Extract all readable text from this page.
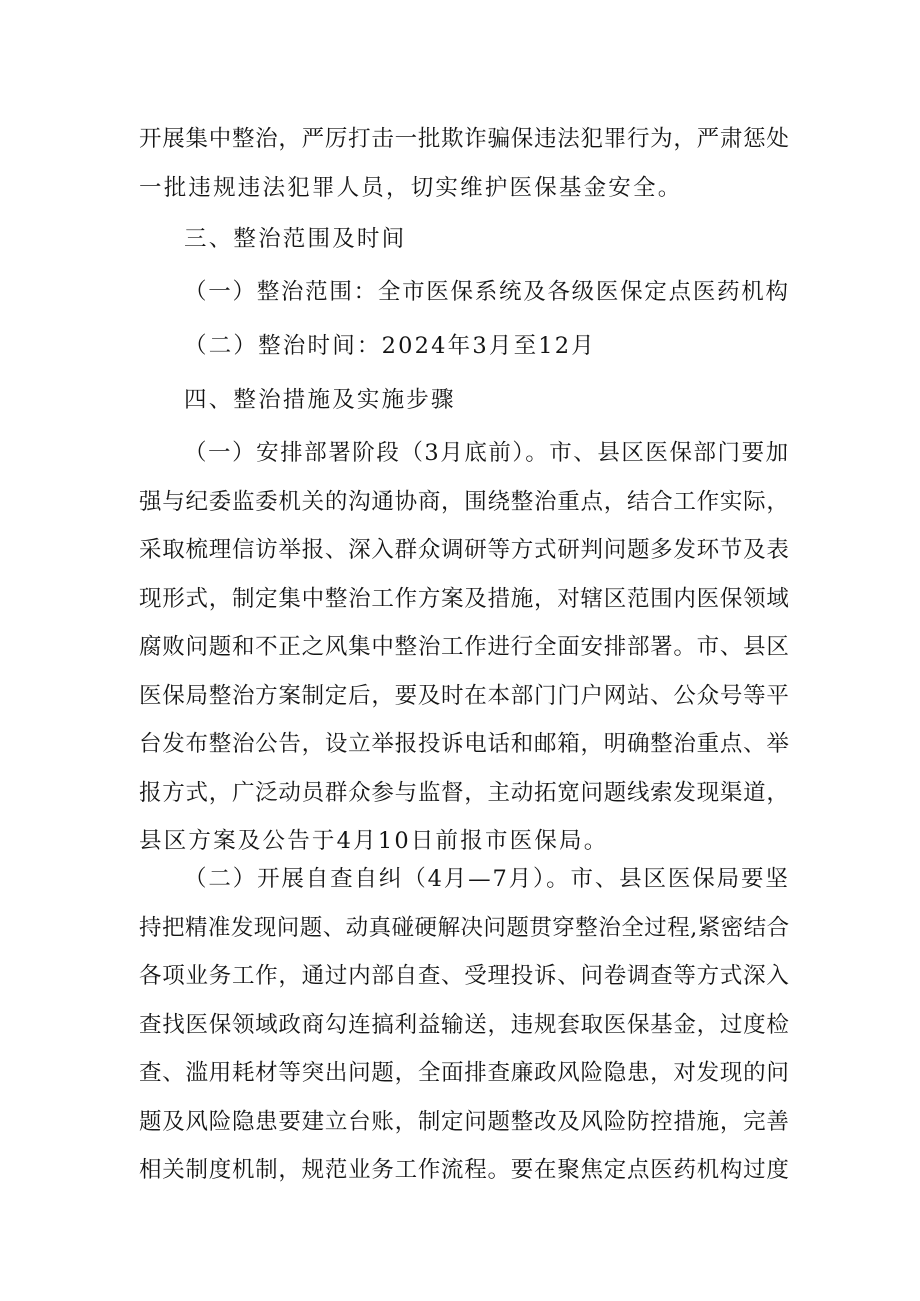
开展集中整治，严厉打击一批欺诈骗保违法犯罪行为，严肃惩处
一批违规违法犯罪人员，切实维护医保基金安全。
三、整治范围及时间
（一）整治范围：全市医保系统及各级医保定点医药机构
（二）整治时间：2024年3月至12月
四、整治措施及实施步骤
（一）安排部署阶段（3月底前）。市、县区医保部门要加
强与纪委监委机关的沟通协商，围绕整治重点，结合工作实际，
采取梳理信访举报、深入群众调研等方式研判问题多发环节及表
现形式，制定集中整治工作方案及措施，对辖区范围内医保领域
腐败问题和不正之风集中整治工作进行全面安排部署。市、县区
医保局整治方案制定后，要及时在本部门门户网站、公众号等平
台发布整治公告，设立举报投诉电话和邮箱，明确整治重点、举
报方式，广泛动员群众参与监督，主动拓宽问题线索发现渠道，
县区方案及公告于4月10日前报市医保局。
（二）开展自查自纠（4月—7月）。市、县区医保局要坚
持把精准发现问题、动真碰硬解决问题贯穿整治全过程,紧密结合
各项业务工作，通过内部自查、受理投诉、问卷调查等方式深入
查找医保领域政商勾连搞利益输送，违规套取医保基金，过度检
查、滥用耗材等突出问题，全面排查廉政风险隐患，对发现的问
题及风险隐患要建立台账，制定问题整改及风险防控措施，完善
相关制度机制，规范业务工作流程。要在聚焦定点医药机构过度
